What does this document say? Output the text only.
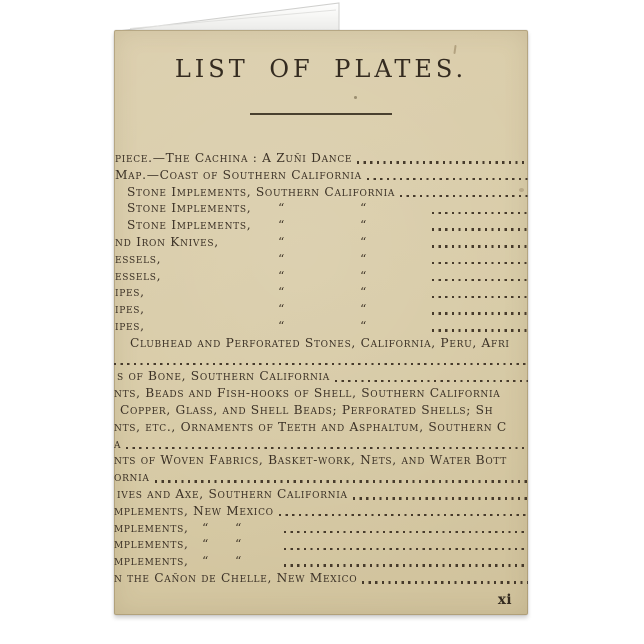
LIST OF PLATES.
piece.—The Cachina : A Zuñi Dance
Map.—Coast of Southern California
Stone Implements, Southern California
Stone Implements, “	“
Stone Implements, “	“
nd Iron Knives,	“	“
essels,	“	“
essels,	“	“
ipes,	“	“
ipes,	“	“
ipes,	“	“
Clubhead and Perforated Stones, California, Peru, Afri
s of Bone, Southern California
nts, Beads and Fish-hooks of Shell, Southern California
Copper, Glass, and Shell Beads; Perforated Shells; Sh
nts, etc., Ornaments of Teeth and Asphaltum, Southern C
a
nts of Woven Fabrics, Basket-work, Nets, and Water Bott
ornia
ives and Axe, Southern California
mplements, New Mexico
mplements, “ “
mplements, “ “
mplements, “ “
n the Cañon de Chelle, New Mexico
xi
